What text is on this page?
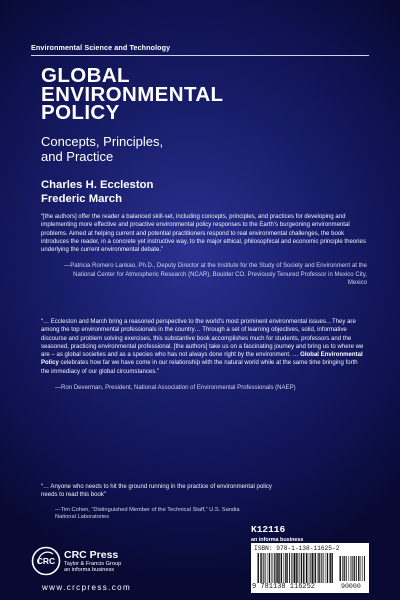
Environmental Science and Technology
GLOBAL
ENVIRONMENTAL
POLICY
Concepts, Principles,
and Practice
Charles H. Eccleston
Frederic March
“[the authors] offer the reader a balanced skill-set, including concepts, principles, and practices for developing and implementing more effective and proactive environmental policy responses to the Earth’s burgeoning environmental problems. Aimed at helping current and potential practitioners respond to real environmental challenges, the book introduces the reader, in a concrete yet instructive way, to the major ethical, philosophical and economic principle theories underlying the current environmental debate.”
—Patricia Romero Lankao, Ph.D., Deputy Director at the Institute for the Study of Society and Environment at the National Center for Atmospheric Research (NCAR), Boulder CO. Previously Tenured Professor in Mexico City, Mexico
“… Eccleston and March bring a reasoned perspective to the world’s most prominent environmental issues…They are among the top environmental professionals in the country… Through a set of learning objectives, solid, informative discourse and problem solving exercises, this substantive book accomplishes much for students, professors and the seasoned, practicing environmental professional. [the authors] take us on a fascinating journey and bring us to where we are – as global societies and as a species who has not always done right by the environment. … Global Environmental Policy celebrates how far we have come in our relationship with the natural world while at the same time bringing forth the immediacy of our global circumstances.”
—Ron Deverman, President, National Association of Environmental Professionals (NAEP)
“… Anyone who needs to hit the ground running in the practice of environmental policy needs to read this book”
—Tim Cohen, “Distinguished Member of the Technical Staff,” U.S. Sandia National Laboratories
CRC CRC Press
Taylor & Francis Group
an informa business
www.crcpress.com
K12116
an informa business
ISBN: 978-1-138-11625-2
9 781138 116252	90000
